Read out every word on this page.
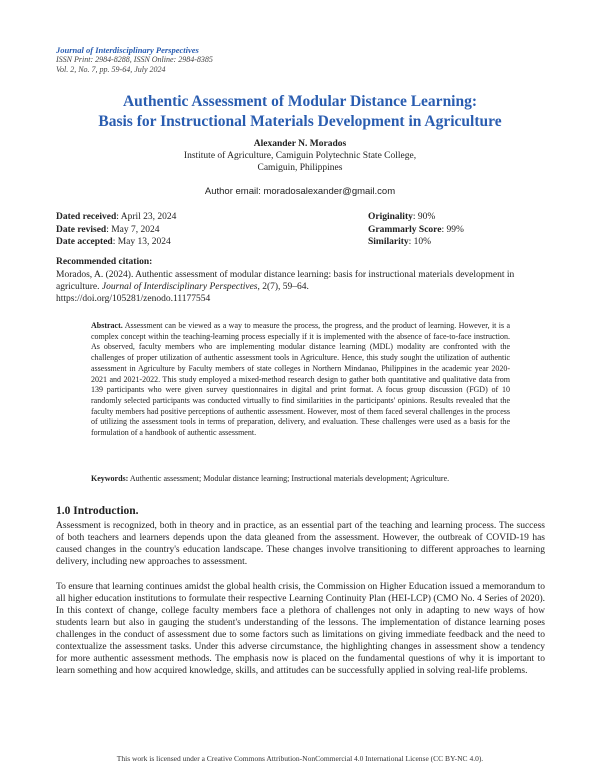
Journal of Interdisciplinary Perspectives
ISSN Print: 2984-8288, ISSN Online: 2984-8385
Vol. 2, No. 7, pp. 59-64, July 2024
Authentic Assessment of Modular Distance Learning:
Basis for Instructional Materials Development in Agriculture
Alexander N. Morados
Institute of Agriculture, Camiguin Polytechnic State College,
Camiguin, Philippines
Author email: moradosalexander@gmail.com
Dated received: April 23, 2024
Date revised: May 7, 2024
Date accepted: May 13, 2024
Originality: 90%
Grammarly Score: 99%
Similarity: 10%
Recommended citation:
Morados, A. (2024). Authentic assessment of modular distance learning: basis for instructional materials development in agriculture. Journal of Interdisciplinary Perspectives, 2(7), 59–64.
https://doi.org/105281/zenodo.11177554
Abstract. Assessment can be viewed as a way to measure the process, the progress, and the product of learning. However, it is a complex concept within the teaching-learning process especially if it is implemented with the absence of face-to-face instruction. As observed, faculty members who are implementing modular distance learning (MDL) modality are confronted with the challenges of proper utilization of authentic assessment tools in Agriculture. Hence, this study sought the utilization of authentic assessment in Agriculture by Faculty members of state colleges in Northern Mindanao, Philippines in the academic year 2020-2021 and 2021-2022. This study employed a mixed-method research design to gather both quantitative and qualitative data from 139 participants who were given survey questionnaires in digital and print format. A focus group discussion (FGD) of 10 randomly selected participants was conducted virtually to find similarities in the participants' opinions. Results revealed that the faculty members had positive perceptions of authentic assessment. However, most of them faced several challenges in the process of utilizing the assessment tools in terms of preparation, delivery, and evaluation. These challenges were used as a basis for the formulation of a handbook of authentic assessment.
Keywords: Authentic assessment; Modular distance learning; Instructional materials development; Agriculture.
1.0 Introduction.
Assessment is recognized, both in theory and in practice, as an essential part of the teaching and learning process. The success of both teachers and learners depends upon the data gleaned from the assessment. However, the outbreak of COVID-19 has caused changes in the country's education landscape. These changes involve transitioning to different approaches to learning delivery, including new approaches to assessment.
To ensure that learning continues amidst the global health crisis, the Commission on Higher Education issued a memorandum to all higher education institutions to formulate their respective Learning Continuity Plan (HEI-LCP) (CMO No. 4 Series of 2020). In this context of change, college faculty members face a plethora of challenges not only in adapting to new ways of how students learn but also in gauging the student's understanding of the lessons. The implementation of distance learning poses challenges in the conduct of assessment due to some factors such as limitations on giving immediate feedback and the need to contextualize the assessment tasks. Under this adverse circumstance, the highlighting changes in assessment show a tendency for more authentic assessment methods. The emphasis now is placed on the fundamental questions of why it is important to learn something and how acquired knowledge, skills, and attitudes can be successfully applied in solving real-life problems.
This work is licensed under a Creative Commons Attribution-NonCommercial 4.0 International License (CC BY-NC 4.0).
